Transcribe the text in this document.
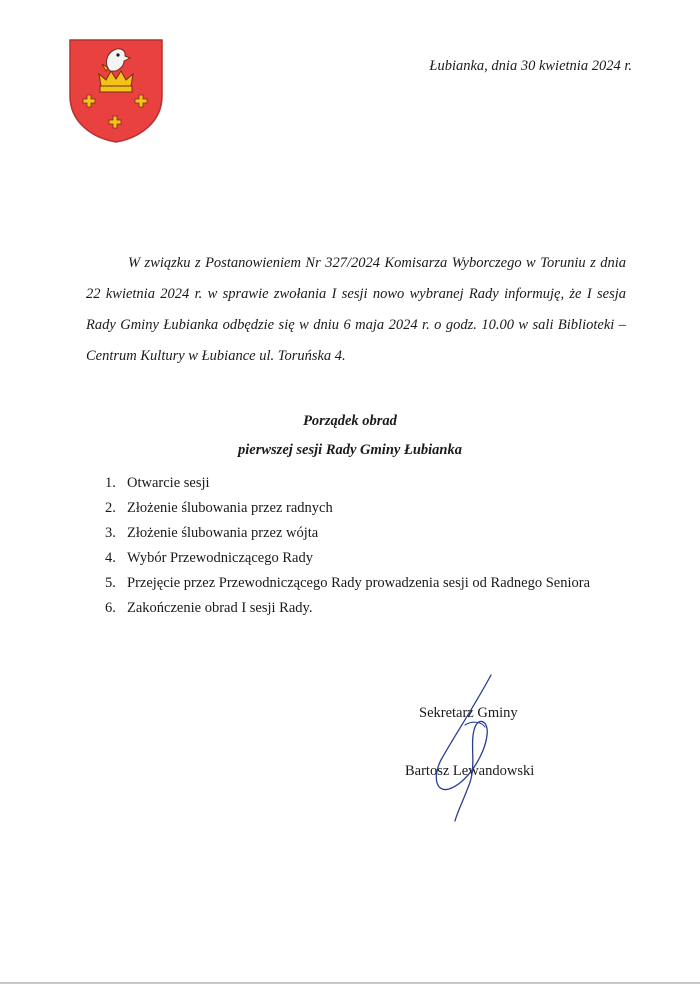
Łubianka, dnia 30 kwietnia 2024 r.

W związku z Postanowieniem Nr 327/2024 Komisarza Wyborczego w Toruniu z dnia 22 kwietnia 2024 r. w sprawie zwołania I sesji nowo wybranej Rady informuję, że I sesja Rady Gminy Łubianka odbędzie się w dniu 6 maja 2024 r. o godz. 10.00 w sali Biblioteki – Centrum Kultury w Łubiance ul. Toruńska 4.

Porządek obrad

pierwszej sesji Rady Gminy Łubianka

1. Otwarcie sesji
2. Złożenie ślubowania przez radnych
3. Złożenie ślubowania przez wójta
4. Wybór Przewodniczącego Rady
5. Przejęcie przez Przewodniczącego Rady prowadzenia sesji od Radnego Seniora
6. Zakończenie obrad I sesji Rady.
Sekretarz Gminy
Bartosz Lewandowski
